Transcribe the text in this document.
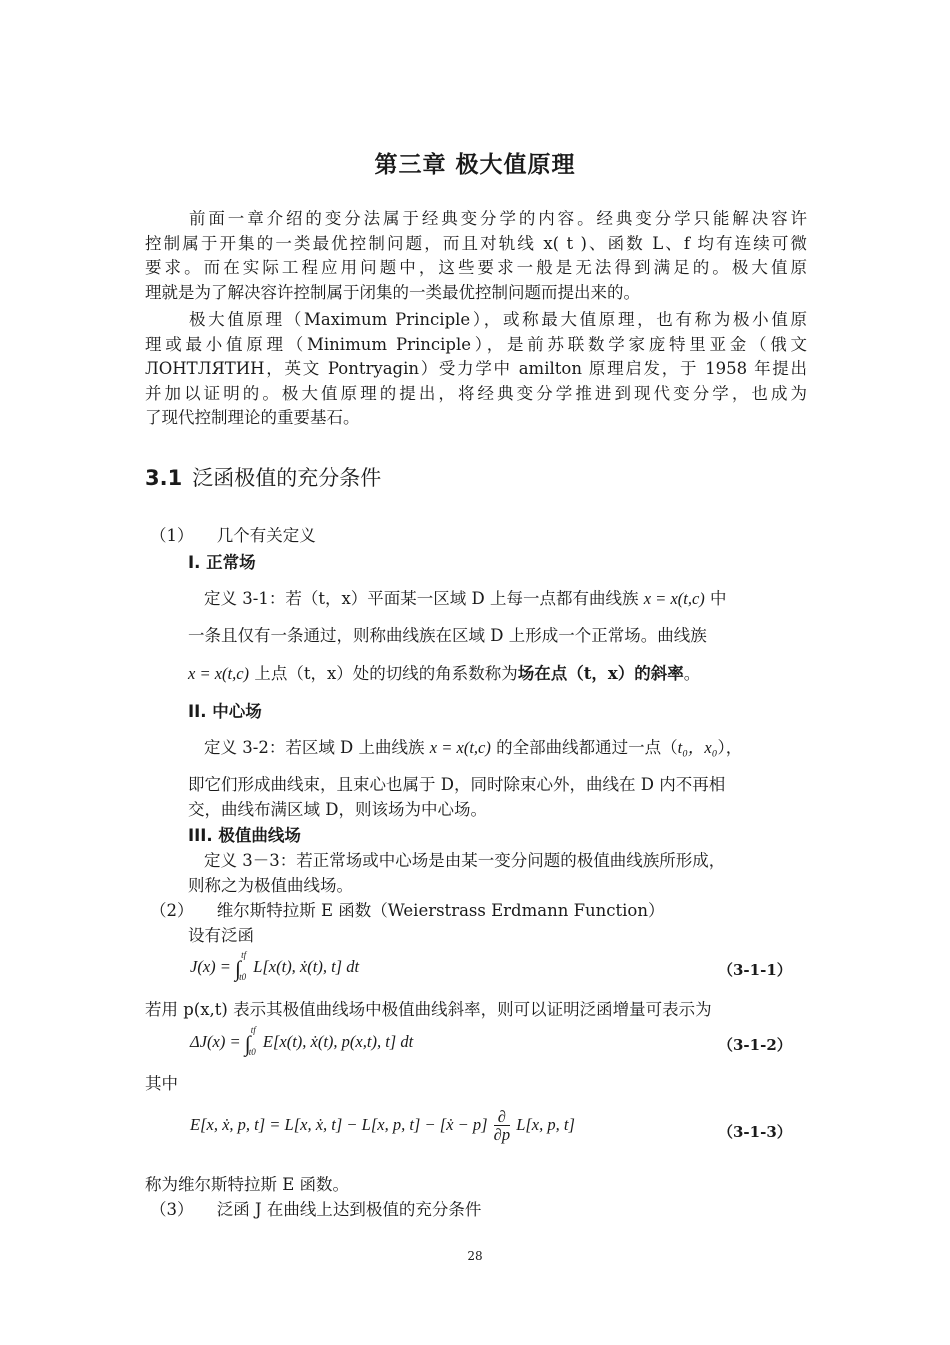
第三章 极大值原理
前面一章介绍的变分法属于经典变分学的内容。经典变分学只能解决容许
控制属于开集的一类最优控制问题，而且对轨线 x( t )、函数 L、f 均有连续可微
要求。而在实际工程应用问题中，这些要求一般是无法得到满足的。极大值原
理就是为了解决容许控制属于闭集的一类最优控制问题而提出来的。
极大值原理（Maximum Principle），或称最大值原理，也有称为极小值原
理或最小值原理（Minimum Principle），是前苏联数学家庞特里亚金（俄文
ЛOHTЛЯTИH，英文 Pontryagin）受力学中 amilton 原理启发，于 1958 年提出
并加以证明的。极大值原理的提出，将经典变分学推进到现代变分学，也成为
了现代控制理论的重要基石。
3.1 泛函极值的充分条件
（1） 几个有关定义
I. 正常场
定义 3-1：若（t，x）平面某一区域 D 上每一点都有曲线族 x = x(t,c) 中
一条且仅有一条通过，则称曲线族在区域 D 上形成一个正常场。曲线族
x = x(t,c) 上点（t，x）处的切线的角系数称为场在点（t，x）的斜率。
II. 中心场
定义 3-2：若区域 D 上曲线族 x = x(t,c) 的全部曲线都通过一点（t₀，x₀），
即它们形成曲线束，且束心也属于 D，同时除束心外，曲线在 D 内不再相
交，曲线布满区域 D，则该场为中心场。
III. 极值曲线场
定义 3－3：若正常场或中心场是由某一变分问题的极值曲线族所形成，
则称之为极值曲线场。
（2） 维尔斯特拉斯 E 函数（Weierstrass Erdmann Function）
设有泛函
J(x) = ∫
tf
t0
L[x(t), ẋ(t), t] dt	（3-1-1）
若用 p(x,t) 表示其极值曲线场中极值曲线斜率，则可以证明泛函增量可表示为
ΔJ(x) = ∫
tf
t0
E[x(t), ẋ(t), p(x,t), t] dt	（3-1-2）
其中
E[x, ẋ, p, t] = L[x, ẋ, t] − L[x, p, t] − [ẋ − $p] \frac{\partial}{\partial p} L[x$, p, t]	（3-1-3）
称为维尔斯特拉斯 E 函数。
（3） 泛函 J 在曲线上达到极值的充分条件
28
